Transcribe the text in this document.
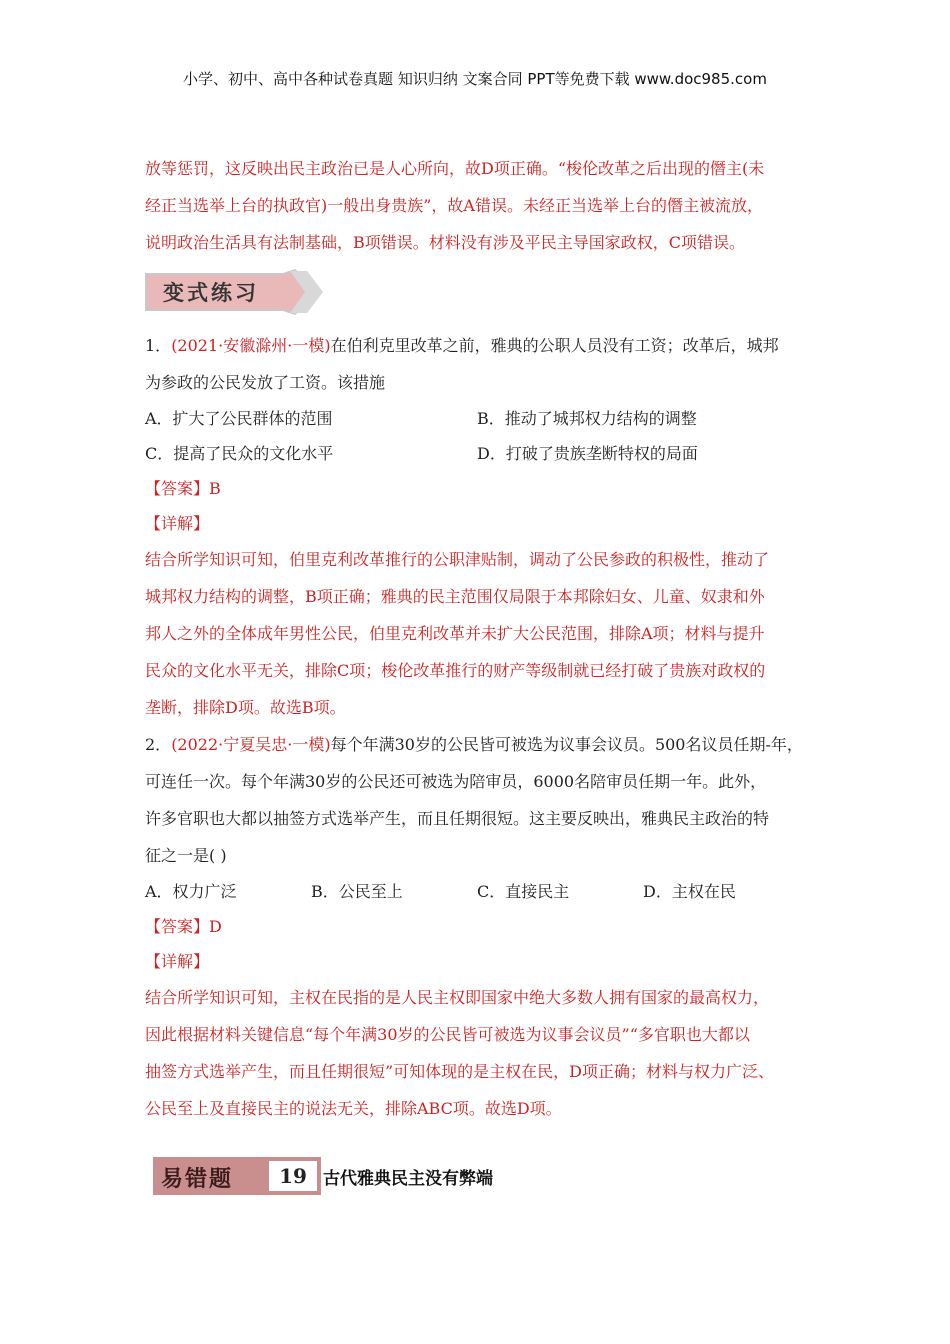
小学、初中、高中各种试卷真题 知识归纳 文案合同 PPT等免费下载 www.doc985.com
放等惩罚，这反映出民主政治已是人心所向，故D项正确。“梭伦改革之后出现的僭主(未
经正当选举上台的执政官)一般出身贵族”，故A错误。未经正当选举上台的僭主被流放，
说明政治生活具有法制基础，B项错误。材料没有涉及平民主导国家政权，C项错误。
变式练习
1．(2021·安徽滁州·一模)在伯利克里改革之前，雅典的公职人员没有工资；改革后，城邦
为参政的公民发放了工资。该措施
A．扩大了公民群体的范围	B．推动了城邦权力结构的调整
C．提高了民众的文化水平	D．打破了贵族垄断特权的局面
【答案】B
【详解】
结合所学知识可知，伯里克利改革推行的公职津贴制，调动了公民参政的积极性，推动了
城邦权力结构的调整，B项正确；雅典的民主范围仅局限于本邦除妇女、儿童、奴隶和外
邦人之外的全体成年男性公民，伯里克利改革并未扩大公民范围，排除A项；材料与提升
民众的文化水平无关，排除C项；梭伦改革推行的财产等级制就已经打破了贵族对政权的
垄断，排除D项。故选B项。
2．(2022·宁夏吴忠·一模)每个年满30岁的公民皆可被选为议事会议员。500名议员任期-年，
可连任一次。每个年满30岁的公民还可被选为陪审员，6000名陪审员任期一年。此外，
许多官职也大都以抽签方式选举产生，而且任期很短。这主要反映出，雅典民主政治的特
征之一是( )
A．权力广泛	B．公民至上	C．直接民主	D．主权在民
【答案】D
【详解】
结合所学知识可知，主权在民指的是人民主权即国家中绝大多数人拥有国家的最高权力，
因此根据材料关键信息“每个年满30岁的公民皆可被选为议事会议员”“多官职也大都以
抽签方式选举产生，而且任期很短”可知体现的是主权在民，D项正确；材料与权力广泛、
公民至上及直接民主的说法无关，排除ABC项。故选D项。
易错题	19 古代雅典民主没有弊端
